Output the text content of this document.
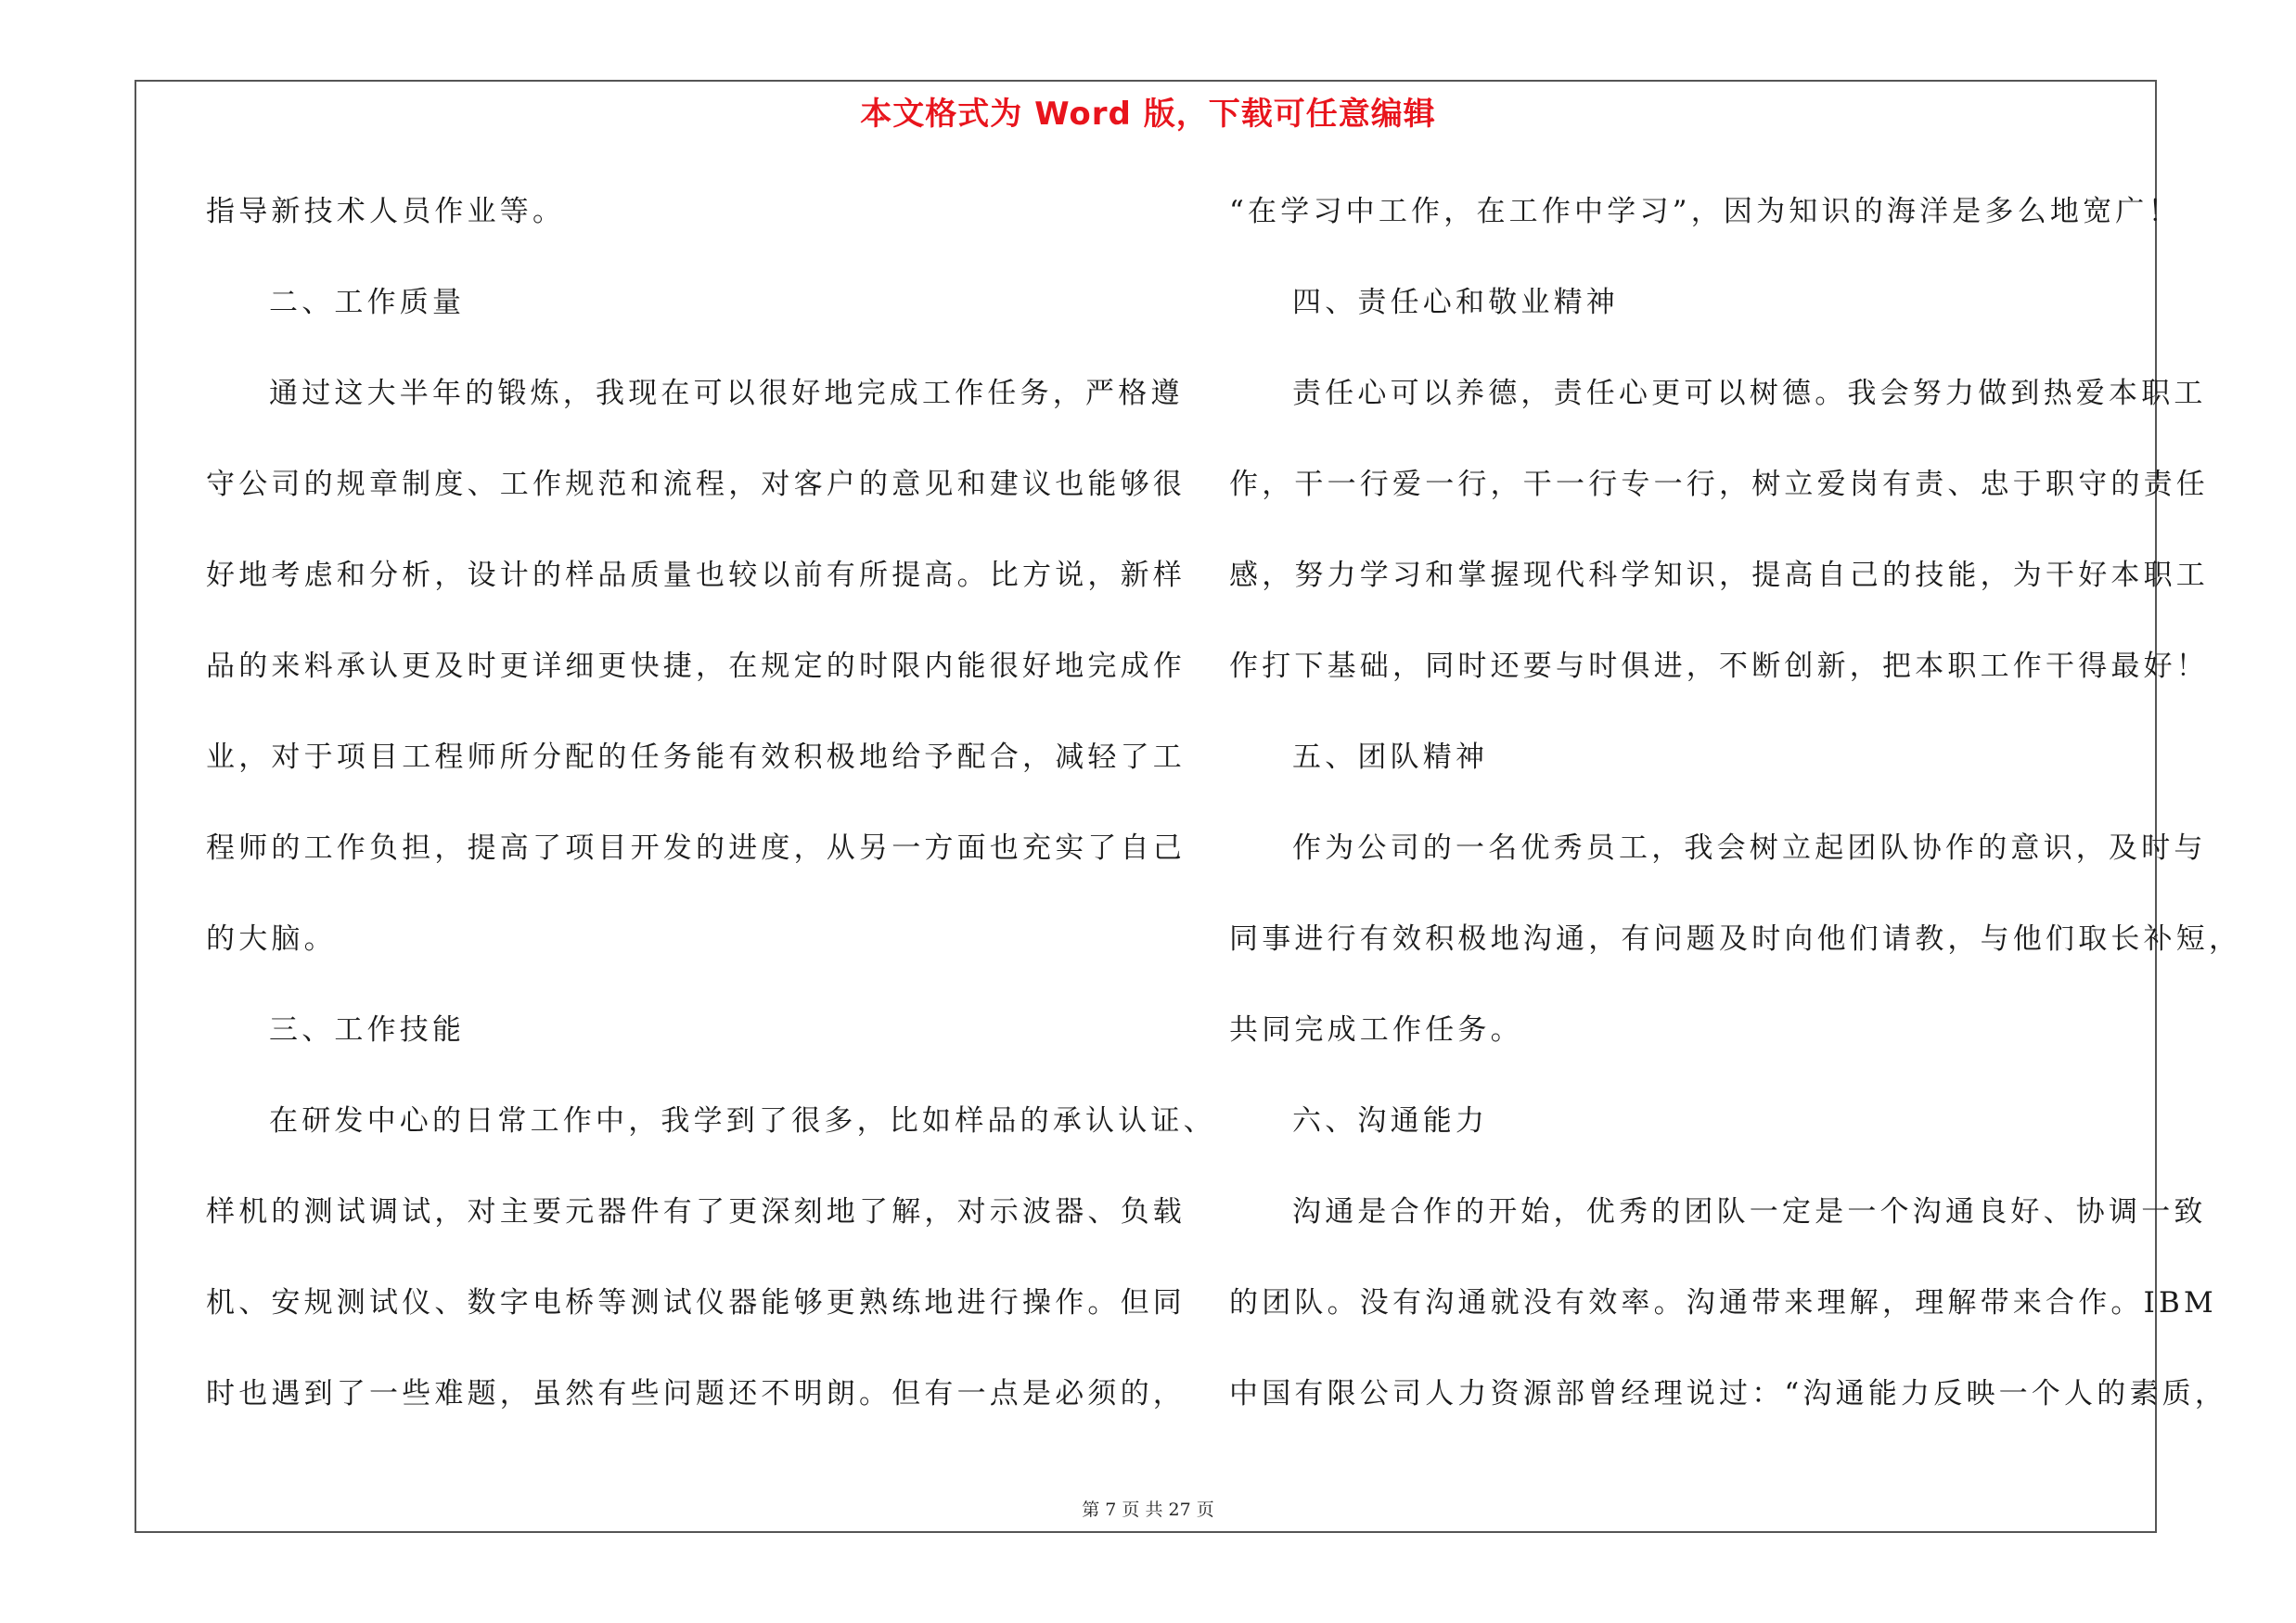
本文格式为 Word 版，下载可任意编辑
指导新技术人员作业等。
二、工作质量
通过这大半年的锻炼，我现在可以很好地完成工作任务，严格遵
守公司的规章制度、工作规范和流程，对客户的意见和建议也能够很
好地考虑和分析，设计的样品质量也较以前有所提高。比方说，新样
品的来料承认更及时更详细更快捷，在规定的时限内能很好地完成作
业，对于项目工程师所分配的任务能有效积极地给予配合，减轻了工
程师的工作负担，提高了项目开发的进度，从另一方面也充实了自己
的大脑。
三、工作技能
在研发中心的日常工作中，我学到了很多，比如样品的承认认证、
样机的测试调试，对主要元器件有了更深刻地了解，对示波器、负载
机、安规测试仪、数字电桥等测试仪器能够更熟练地进行操作。但同
时也遇到了一些难题，虽然有些问题还不明朗。但有一点是必须的，
“在学习中工作，在工作中学习”，因为知识的海洋是多么地宽广！
四、责任心和敬业精神
责任心可以养德，责任心更可以树德。我会努力做到热爱本职工
作，干一行爱一行，干一行专一行，树立爱岗有责、忠于职守的责任
感，努力学习和掌握现代科学知识，提高自己的技能，为干好本职工
作打下基础，同时还要与时俱进，不断创新，把本职工作干得最好！
五、团队精神
作为公司的一名优秀员工，我会树立起团队协作的意识，及时与
同事进行有效积极地沟通，有问题及时向他们请教，与他们取长补短，
共同完成工作任务。
六、沟通能力
沟通是合作的开始，优秀的团队一定是一个沟通良好、协调一致
的团队。没有沟通就没有效率。沟通带来理解，理解带来合作。IBM
中国有限公司人力资源部曾经理说过：“沟通能力反映一个人的素质，
第 7 页 共 27 页
